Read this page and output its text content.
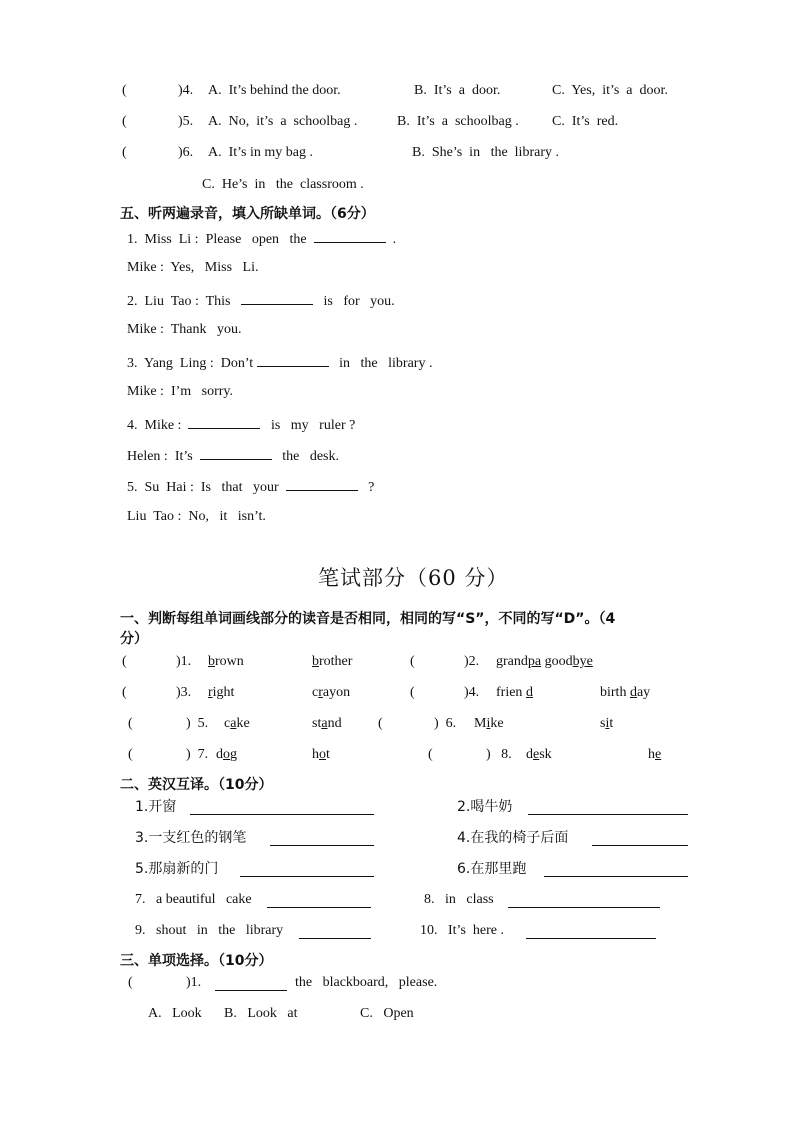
(	)4. A.  It’s behind the door.	B.  It’s  a  door.	C.  Yes,  it’s  a  door.
(	)5. A.  No,  it’s  a  schoolbag .	B.  It’s  a  schoolbag . C.  It’s  red.
(	)6. A.  It’s in my bag .	B.  She’s  in   the  library .
C.  He’s  in   the  classroom .
五、听两遍录音，填入所缺单词。（6分）
1.  Miss  Li :  Please   open   the	.
Mike :  Yes,   Miss   Li.
2.  Liu  Tao :  This	is   for   you.
Mike :  Thank   you.
3.  Yang  Ling :  Don’t	in   the   library .
Mike :  I’m   sorry.
4.  Mike :	is   my   ruler ?
Helen :  It’s	the   desk.
5.  Su  Hai :  Is   that   your	?
Liu  Tao :  No,   it   isn’t.
笔试部分（60 分）
一、判断每组单词画线部分的读音是否相同，相同的写“S”，不同的写“D”。（4
分）
(	)1. brown	brother	(	)2. grandpa goodbye
(	)3. right	crayon	(	)4. frien d	birth day
(	)  5. cake	stand	(	)  6. Mike	sit
(	)  7. dog	hot	(	)   8. desk	he
二、英汉互译。（10分）
1.开窗	2.喝牛奶
3.一支红色的钢笔	4.在我的椅子后面
5.那扇新的门	6.在那里跑
7.   a beautiful   cake	8.   in   class
9.   shout   in   the   library	10.   It’s  here .
三、单项选择。（10分）
(	)1.	the   blackboard,   please.
A.   Look B.   Look   at	C.   Open
